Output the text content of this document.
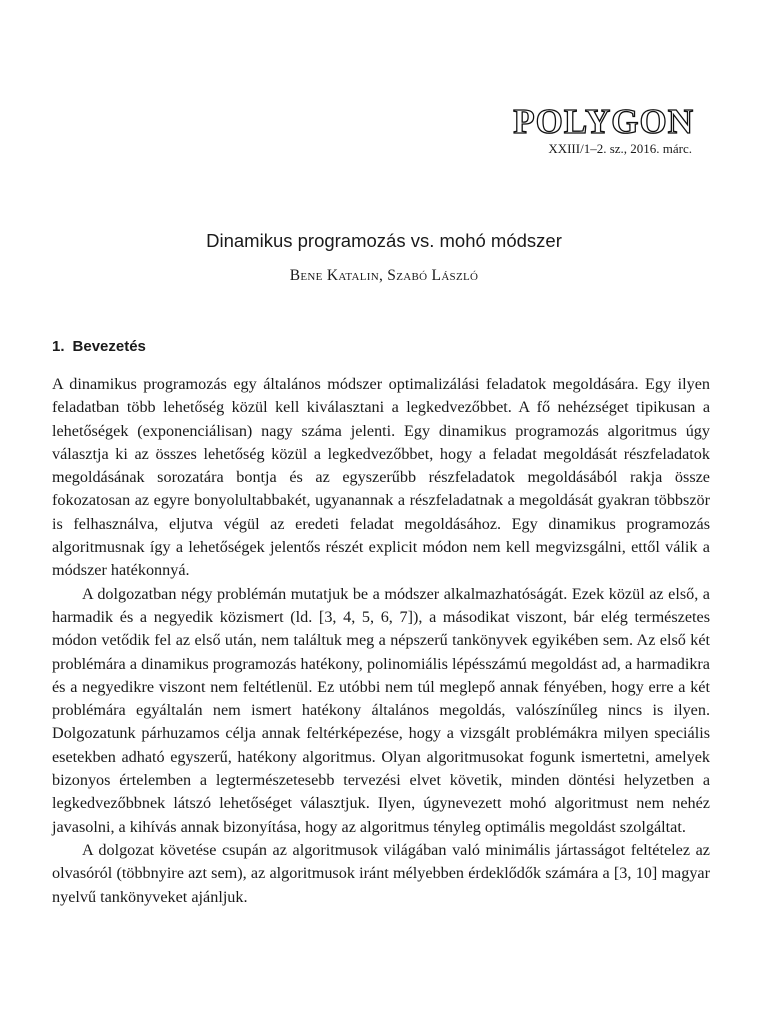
POLYGON
XXIII/1–2. sz., 2016. márc.
Dinamikus programozás vs. mohó módszer
Bene Katalin, Szabó László
1. Bevezetés

A dinamikus programozás egy általános módszer optimalizálási feladatok megoldására. Egy ilyen feladatban több lehetőség közül kell kiválasztani a legkedvezőbbet. A fő nehézséget tipikusan a lehetőségek (exponenciálisan) nagy száma jelenti. Egy dinamikus programozás algoritmus úgy választja ki az összes lehetőség közül a legkedvezőbbet, hogy a feladat megoldását részfeladatok megoldásának sorozatára bontja és az egyszerűbb részfeladatok megoldásából rakja össze fokozatosan az egyre bonyolultabbakét, ugyanannak a részfeladatnak a megoldását gyakran többször is felhasználva, eljutva végül az eredeti feladat megoldásához. Egy dinamikus programozás algoritmusnak így a lehetőségek jelentős részét explicit módon nem kell megvizsgálni, ettől válik a módszer hatékonnyá.

A dolgozatban négy problémán mutatjuk be a módszer alkalmazhatóságát. Ezek közül az első, a harmadik és a negyedik közismert (ld. [3, 4, 5, 6, 7]), a másodikat viszont, bár elég természetes módon vetődik fel az első után, nem találtuk meg a népszerű tankönyvek egyikében sem. Az első két problémára a dinamikus programozás hatékony, polinomiális lépésszámú megoldást ad, a harmadikra és a negyedikre viszont nem feltétlenül. Ez utóbbi nem túl meglepő annak fényében, hogy erre a két problémára egyáltalán nem ismert hatékony általános megoldás, valószínűleg nincs is ilyen. Dolgozatunk párhuzamos célja annak feltérképezése, hogy a vizsgált problémákra milyen speciális esetekben adható egyszerű, hatékony algoritmus. Olyan algoritmusokat fogunk ismertetni, amelyek bizonyos értelemben a legtermészetesebb tervezési elvet követik, minden döntési helyzetben a legkedvezőbbnek látszó lehetőséget választjuk. Ilyen, úgynevezett mohó algoritmust nem nehéz javasolni, a kihívás annak bizonyítása, hogy az algoritmus tényleg optimális megoldást szolgáltat.

A dolgozat követése csupán az algoritmusok világában való minimális jártasságot feltételez az olvasóról (többnyire azt sem), az algoritmusok iránt mélyebben érdeklődők számára a [3, 10] magyar nyelvű tankönyveket ajánljuk.
